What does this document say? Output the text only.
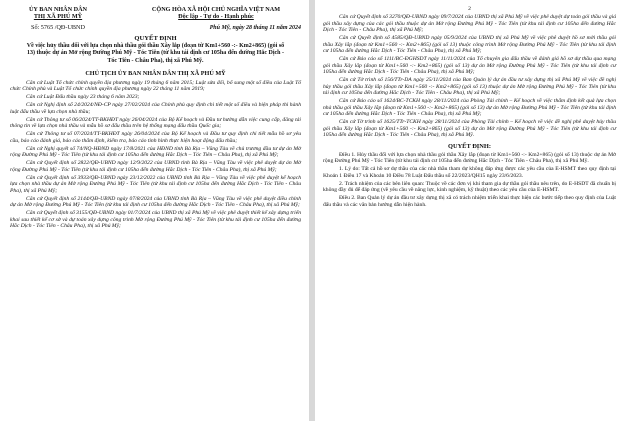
ỦY BAN NHÂN DÂN
THỊ XÃ PHÚ MỸ
Số: 5765 /QĐ-UBND
CỘNG HÒA XÃ HỘI CHỦ NGHĨA VIỆT NAM
Độc lập - Tự do - Hạnh phúc
Phú Mỹ, ngày 28 tháng 11 năm 2024
QUYẾT ĐỊNH
Về việc hủy thầu đối với lựa chọn nhà thầu gói thầu Xây lắp (đoạn từ Km1+560 -:- Km2+865) (gói số 13) thuộc dự án Mở rộng Đường Phú Mỹ - Tóc Tiên (từ khu tái định cư 105ha đến đường Hắc Dịch - Tóc Tiên - Châu Pha), thị xã Phú Mỹ.
CHỦ TỊCH ỦY BAN NHÂN DÂN THỊ XÃ PHÚ MỸ

Căn cứ Luật Tổ chức chính quyền địa phương ngày 19 tháng 6 năm 2015; Luật sửa đổi, bổ sung một số điều của Luật Tổ chức Chính phủ và Luật Tổ chức chính quyền địa phương ngày 22 tháng 11 năm 2019;

Căn cứ Luật Đấu thầu ngày 23 tháng 6 năm 2023;

Căn cứ Nghị định số 24/2024/NĐ-CP ngày 27/02/2024 của Chính phủ quy định chi tiết một số điều và biện pháp thi hành luật đấu thầu về lựa chọn nhà thầu;

Căn cứ Thông tư số 06/2024/TT-BKHĐT ngày 26/04/2024 của Bộ Kế hoạch và Đầu tư hướng dẫn việc cung cấp, đăng tải thông tin về lựa chọn nhà thầu và mẫu hồ sơ đấu thầu trên hệ thống mạng đấu thầu Quốc gia;

Căn cứ Thông tư số 07/2024/TT-BKHĐT ngày 26/04/2024 của Bộ Kế hoạch và Đầu tư quy định chi tiết mẫu hồ sơ yêu cầu, báo cáo đánh giá, báo cáo thẩm định, kiểm tra, báo cáo tình hình thực hiện hoạt động đấu thầu;

Căn cứ Nghị quyết số 74/NQ-HĐND ngày 17/8/2021 của HĐND tỉnh Bà Rịa – Vũng Tàu về chủ trương đầu tư dự án Mở rộng Đường Phú Mỹ - Tóc Tiên (từ khu tái định cư 105ha đến đường Hắc Dịch – Tóc Tiên – Châu Pha), thị xã Phú Mỹ;

Căn cứ Quyết định số 2822/QĐ-UBND ngày 12/9/2022 của UBND tỉnh Bà Rịa – Vũng Tàu về việc phê duyệt dự án Mở rộng Đường Phú Mỹ - Tóc Tiên (từ khu tái định cư 105ha đến đường Hắc Dịch - Tóc Tiên - Châu Pha), thị xã Phú Mỹ;

Căn cứ Quyết định số 3933/QĐ-UBND ngày 23/12/2022 của UBND tỉnh Bà Rịa – Vũng Tàu về việc phê duyệt kế hoạch lựa chọn nhà thầu dự án Mở rộng Đường Phú Mỹ - Tóc Tiên (từ khu tái định cư 105ha đến đường Hắc Dịch - Tóc Tiên - Châu Pha), thị xã Phú Mỹ;

Căn cứ Quyết định số 2144/QĐ-UBND ngày 07/8/2024 của UBND tỉnh Bà Rịa – Vũng Tàu về việc phê duyệt điều chỉnh dự án Mở rộng Đường Phú Mỹ - Tóc Tiên (từ khu tái định cư 105ha đến đường Hắc Dịch - Tóc Tiên - Châu Pha), thị xã Phú Mỹ;

Căn cứ Quyết định số 3155/QĐ-UBND ngày 01/7/2024 của UBND thị xã Phú Mỹ về việc phê duyệt thiết kế xây dựng triển khai sau thiết kế cơ sở và dự toán xây dựng công trình Mở rộng Đường Phú Mỹ - Tóc Tiên (từ khu tái định cư 105ha đến đường Hắc Dịch - Tóc Tiên - Châu Pha), thị xã Phú Mỹ;

2

Căn cứ Quyết định số 3270/QĐ-UBND ngày 09/7/2024 của UBND thị xã Phú Mỹ về việc phê duyệt dự toán gói thầu và giá gói thầu xây dựng của các gói thầu thuộc dự án Mở rộng Đường Phú Mỹ - Tóc Tiên (từ khu tái định cư 105ha đến đường Hắc Dịch - Tóc Tiên - Châu Pha), thị xã Phú Mỹ;

Căn cứ Quyết định số 4585/QĐ-UBND ngày 05/9/2024 của UBND thị xã Phú Mỹ về việc phê duyệt hồ sơ mời thầu gói thầu Xây lắp (đoạn từ Km1+560 -:- Km2+865) (gói số 13) thuộc công trình Mở rộng Đường Phú Mỹ - Tóc Tiên (từ khu tái định cư 105ha đến đường Hắc Dịch - Tóc Tiên - Châu Pha), thị xã Phú Mỹ;

Căn cứ Báo cáo số 1111/BC-ĐGHSDT ngày 11/11/2024 của Tổ chuyên gia đấu thầu về đánh giá hồ sơ dự thầu qua mạng gói thầu Xây lắp (đoạn từ Km1+560 -:- Km2+865) (gói số 13) dự án Mở rộng Đường Phú Mỹ - Tóc Tiên (từ khu tái định cư 105ha đến đường Hắc Dịch - Tóc Tiên - Châu Pha), thị xã Phú Mỹ;

Căn cứ Tờ trình số 156/TTr-DA ngày 25/11/2024 của Ban Quản lý dự án đầu tư xây dựng thị xã Phú Mỹ về việc đề nghị hủy thầu gói thầu Xây lắp (đoạn từ Km1+560 -:- Km2+865) (gói số 13) thuộc dự án Mở rộng Đường Phú Mỹ - Tóc Tiên (từ khu tái định cư 105ha đến đường Hắc Dịch - Tóc Tiên - Châu Pha), thị xã Phú Mỹ;

Căn cứ Báo cáo số 1624/BC-TCKH ngày 28/11/2024 của Phòng Tài chính – Kế hoạch về việc thẩm định kết quả lựa chọn nhà thầu gói thầu Xây lắp (đoạn từ Km1+560 -:- Km2+865) (gói số 13) dự án Mở rộng Đường Phú Mỹ - Tóc Tiên (từ khu tái định cư 105ha đến đường Hắc Dịch - Tóc Tiên - Châu Pha), thị xã Phú Mỹ;

Căn cứ Tờ trình số 1625/TTr-TCKH ngày 28/11/2024 của Phòng Tài chính – Kế hoạch về việc đề nghị phê duyệt hủy thầu gói thầu Xây lắp (đoạn từ Km1+560 -:- Km2+865) (gói số 13) dự án Mở rộng Đường Phú Mỹ - Tóc Tiên (từ khu tái định cư 105ha đến đường Hắc Dịch - Tóc Tiên - Châu Pha), thị xã Phú Mỹ.

QUYẾT ĐỊNH:

Điều 1. Hủy thầu đối với lựa chọn nhà thầu gói thầu Xây lắp (đoạn từ Km1+560 -:- Km2+865) (gói số 13) thuộc dự án Mở rộng Đường Phú Mỹ - Tóc Tiên (từ khu tái định cư 105ha đến đường Hắc Dịch - Tóc Tiên - Châu Pha), thị xã Phú Mỹ.

1. Lý do: Tất cả hồ sơ dự thầu của các nhà thầu tham dự không đáp ứng được các yêu cầu của E-HSMT theo quy định tại Khoản 1 Điều 17 và Khoản 10 Điều 78 Luật Đấu thầu số 22/2023/QH15 ngày 23/6/2023.

2. Trách nhiệm của các bên liên quan: Thuộc về các đơn vị khi tham gia dự thầu gói thầu nêu trên, do E-HSDT đã chuẩn bị không đầy đủ để đáp ứng (về yêu cầu về năng lực, kinh nghiệm, kỹ thuật) theo các yêu cầu của E-HSMT.

Điều 2. Ban Quản lý dự án đầu tư xây dựng thị xã có trách nhiệm triển khai thực hiện các bước tiếp theo quy định của Luật đấu thầu và các văn bản hướng dẫn hiện hành.
